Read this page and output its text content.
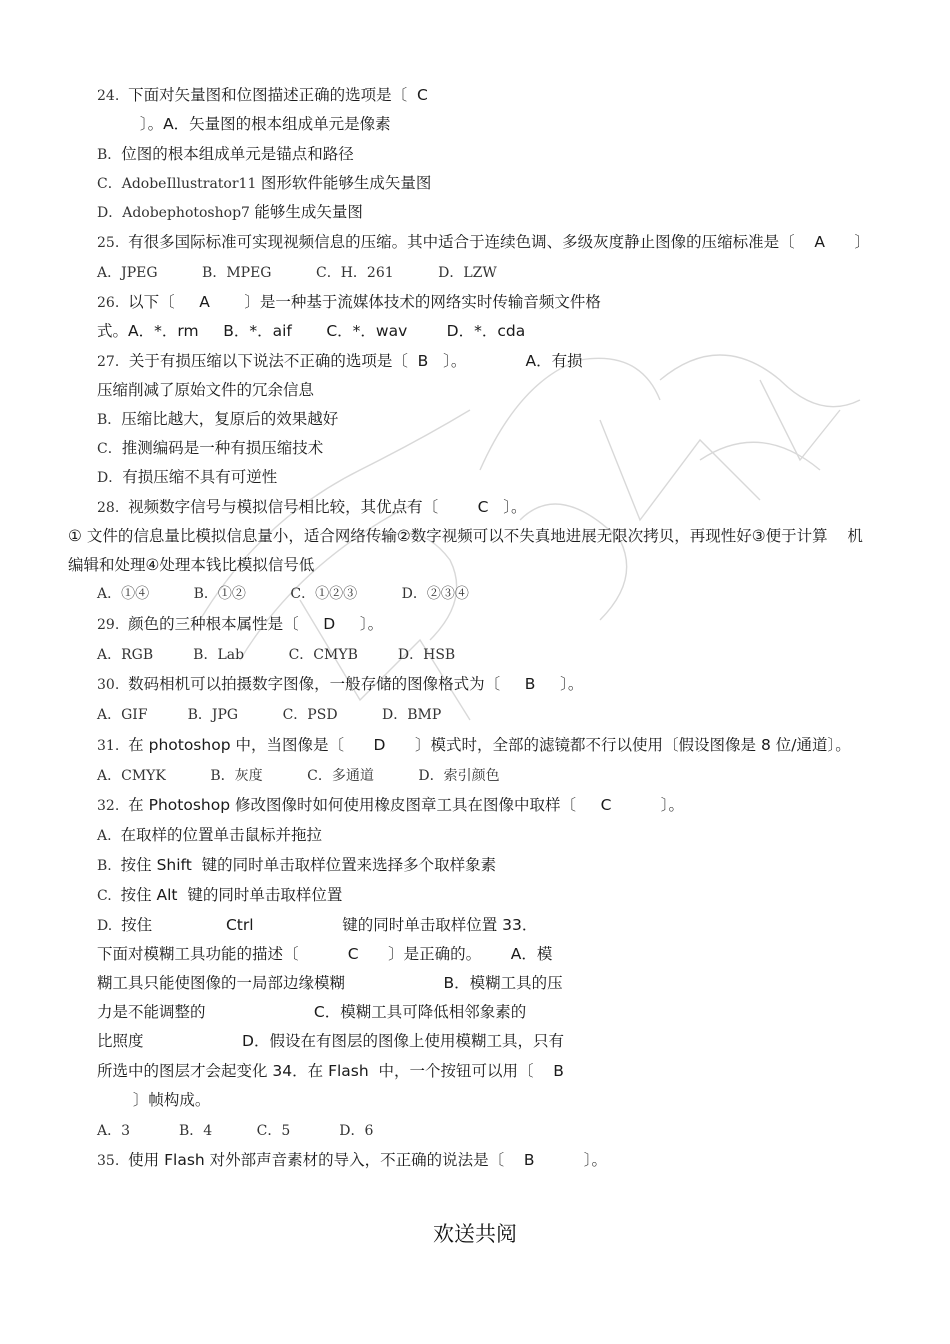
24.  下面对矢量图和位图描述正确的选项是〔  C
〕。A．矢量图的根本组成单元是像素
B．位图的根本组成单元是锚点和路径
C．AdobeIllustrator11 图形软件能够生成矢量图
D．Adobephotoshop7 能够生成矢量图
25.  有很多国际标准可实现视频信息的压缩。其中适合于连续色调、多级灰度静止图像的压缩标准是〔    A      〕
A．JPEG          B．MPEG          C．H．261          D．LZW
26.  以下〔     A       〕是一种基于流媒体技术的网络实时传输音频文件格
式。A．*．rm     B．*．aif       C．*．wav        D．*．cda
27．关于有损压缩以下说法不正确的选项是〔  B   〕。            A．有损
压缩削减了原始文件的冗余信息
B．压缩比越大，复原后的效果越好
C．推测编码是一种有损压缩技术
D．有损压缩不具有可逆性
28.  视频数字信号与模拟信号相比较，其优点有〔        C   〕。
① 文件的信息量比模拟信息量小，适合网络传输②数字视频可以不失真地进展无限次拷贝，再现性好③便于计算    机
编辑和处理④处理本钱比模拟信号低
A．①④          B．①②          C．①②③          D．②③④
29.  颜色的三种根本属性是〔     D     〕。
A．RGB         B．Lab          C．CMYB         D．HSB
30.  数码相机可以拍摄数字图像，一般存储的图像格式为〔     B     〕。
A．GIF         B．JPG          C．PSD          D．BMP
31.  在 photoshop 中，当图像是〔      D      〕模式时，全部的滤镜都不行以使用〔假设图像是 8 位/通道〕。
A．CMYK          B．灰度          C．多通道          D．索引颜色
32.  在 Photoshop 修改图像时如何使用橡皮图章工具在图像中取样〔     C          〕。
A.  在取样的位置单击鼠标并拖拉
B.  按住 Shift  键的同时单击取样位置来选择多个取样象素
C.  按住 Alt  键的同时单击取样位置
D.  按住               Ctrl                  键的同时单击取样位置 33．
下面对模糊工具功能的描述〔          C      〕是正确的。      A．模
糊工具只能使图像的一局部边缘模糊                    B．模糊工具的压
力是不能调整的                      C．模糊工具可降低相邻象素的
比照度                    D．假设在有图层的图像上使用模糊工具，只有
所选中的图层才会起变化 34．在 Flash  中，一个按钮可以用〔    B
〕帧构成。
A．3           B．4          C．5           D．6
35.  使用 Flash 对外部声音素材的导入，不正确的说法是〔    B          〕。
欢送共阅
